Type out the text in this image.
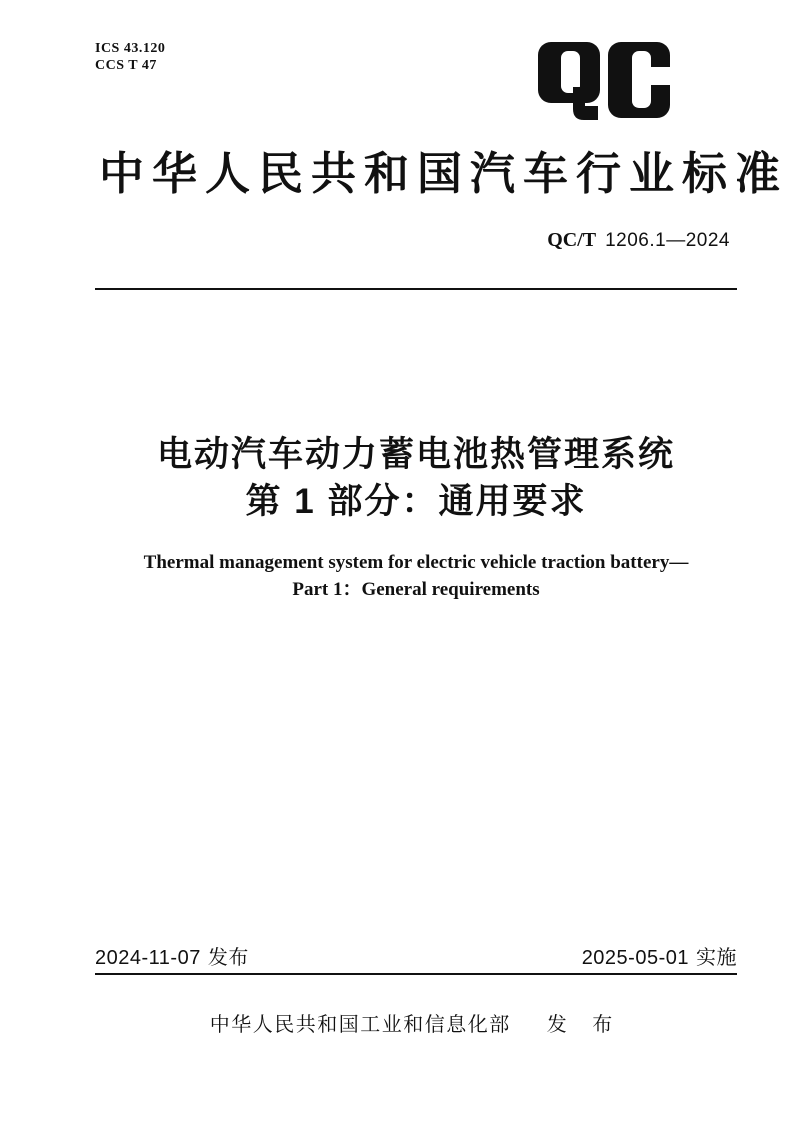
ICS 43.120
CCS T 47
中华人民共和国汽车行业标准
QC/T 1206.1—2024
电动汽车动力蓄电池热管理系统
第 1 部分：通用要求
Thermal management system for electric vehicle traction battery—
Part 1：General requirements
2024-11-07 发布	2025-05-01 实施
中华人民共和国工业和信息化部 发 布
